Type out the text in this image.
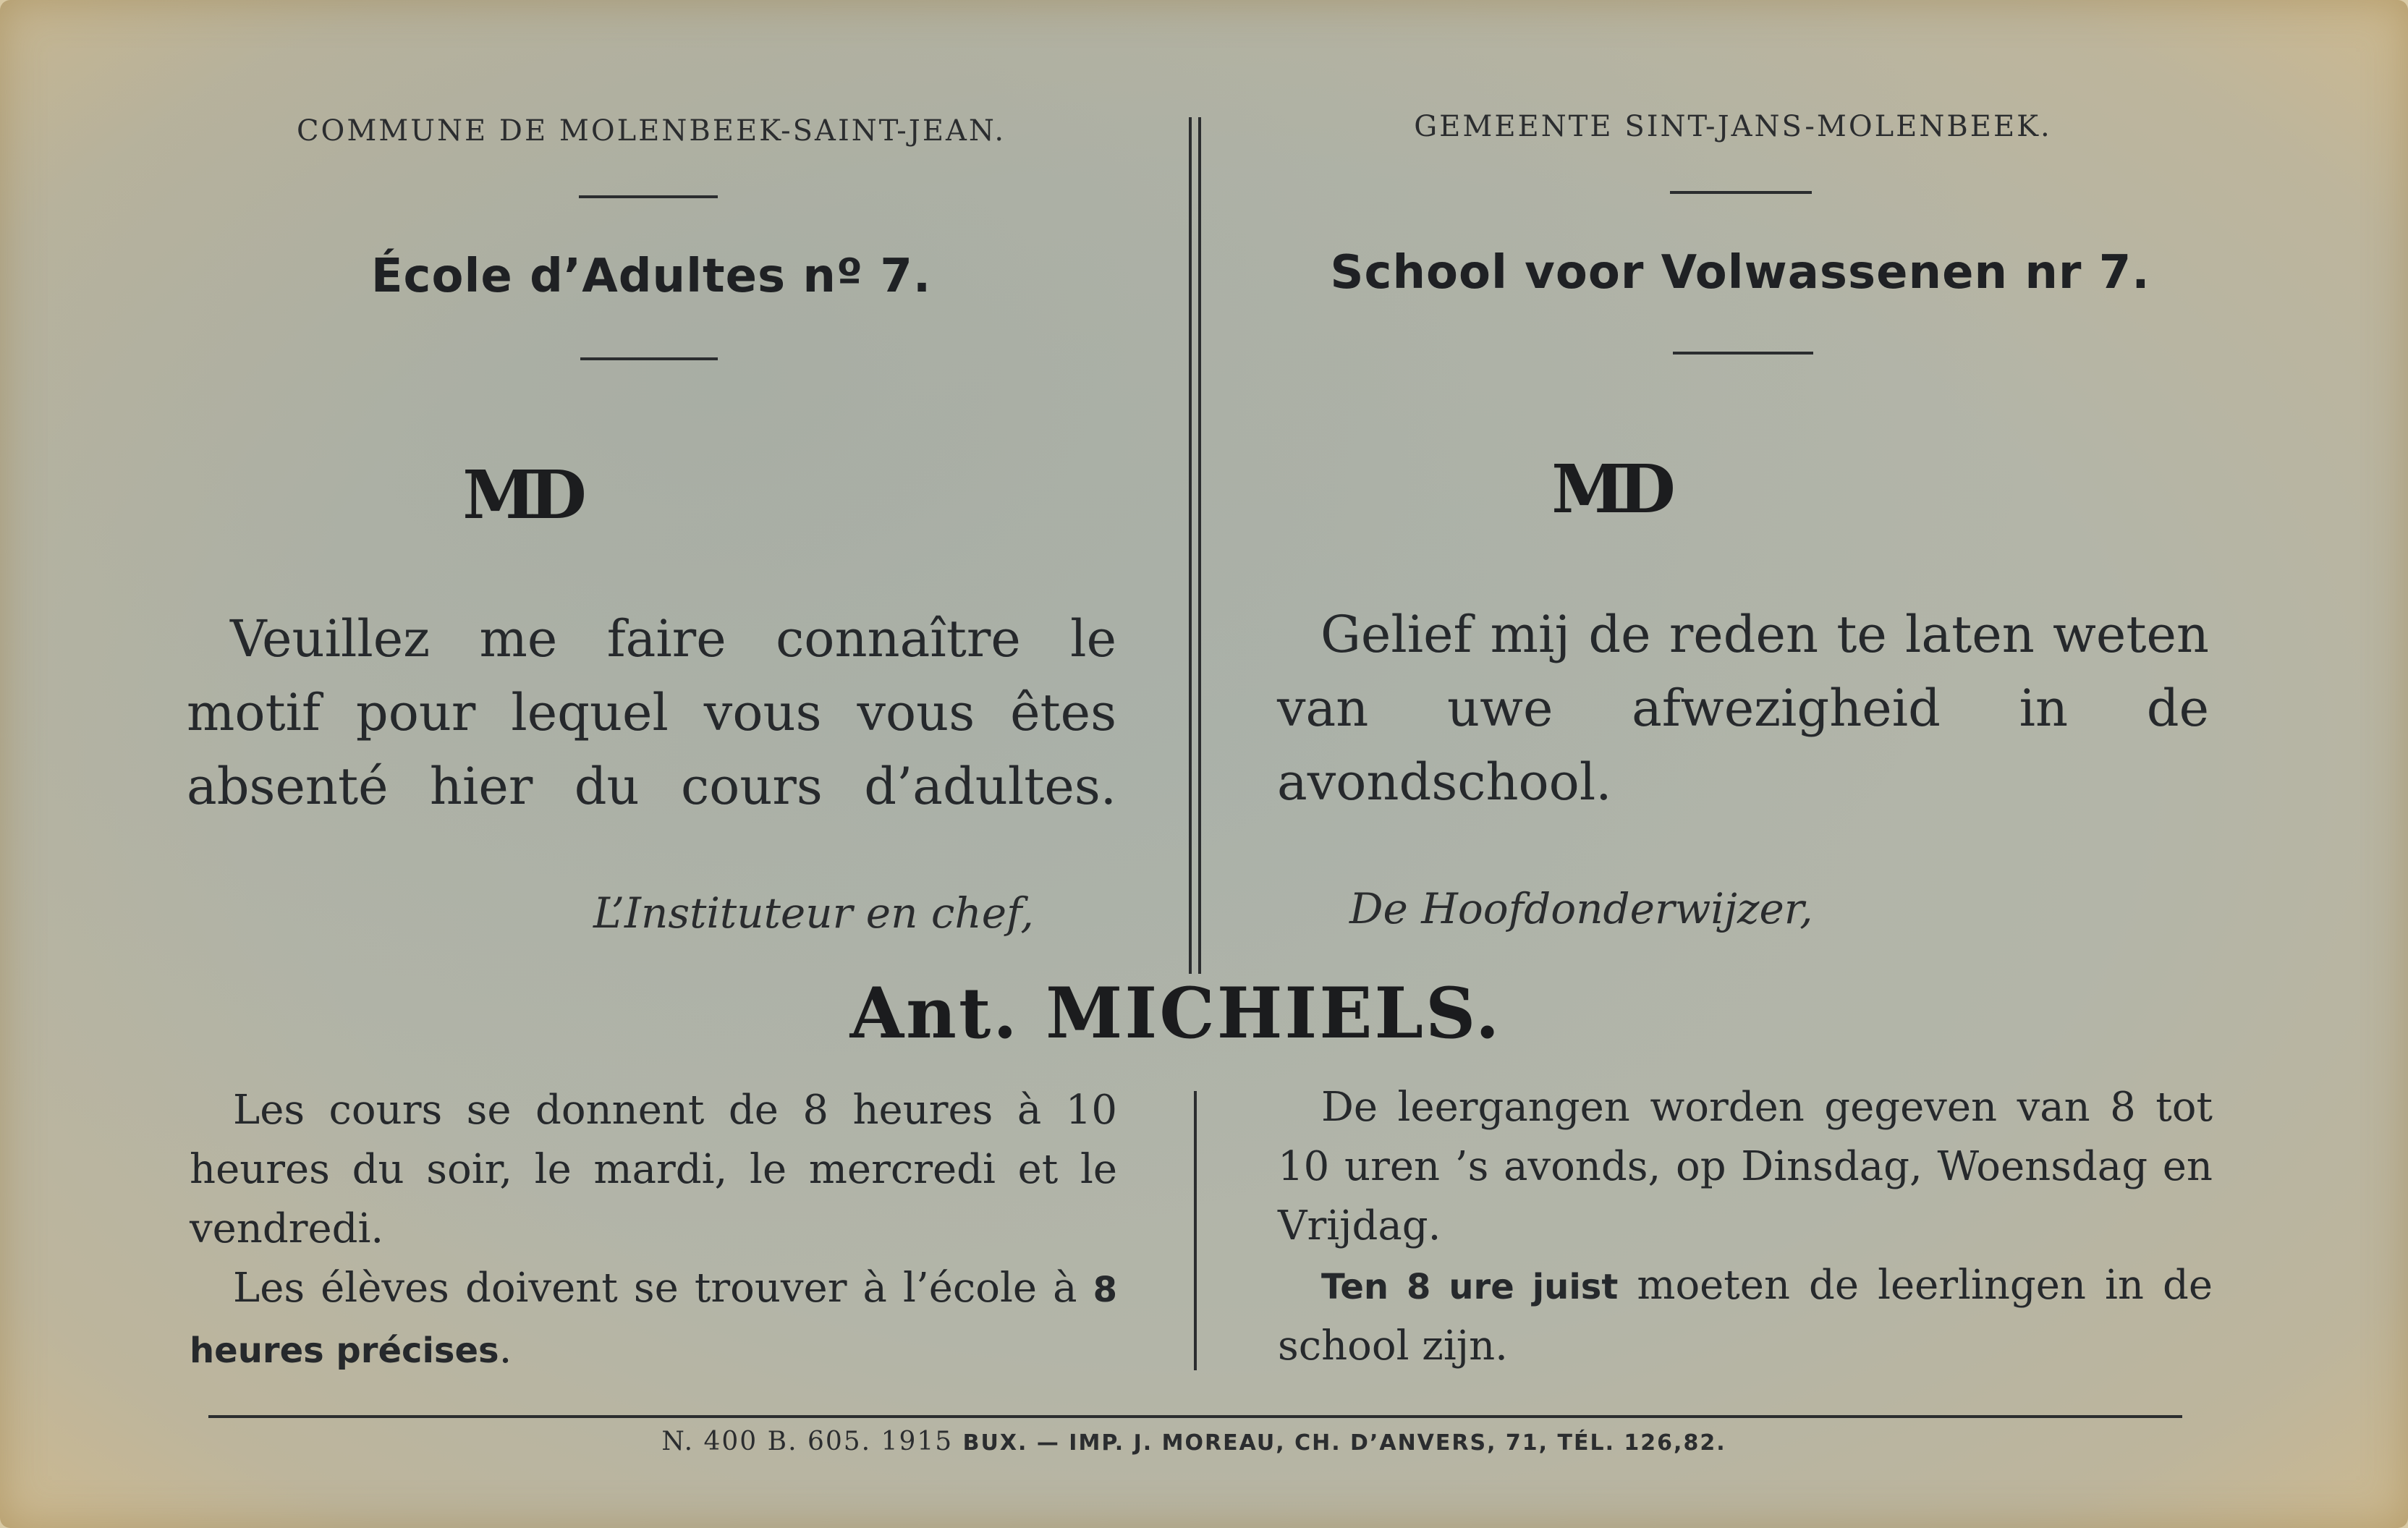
COMMUNE DE MOLENBEEK-SAINT-JEAN.
École d’Adultes nº 7.
MD
Veuillez me faire connaître le motif pour lequel vous vous êtes absenté hier du cours d’adultes.
L’Instituteur en chef,
GEMEENTE SINT-JANS-MOLENBEEK.
School voor Volwassenen nr 7.
MD
Gelief mij de reden te laten weten van uwe afwezigheid in de avondschool.
De Hoofdonderwijzer,
Ant. MICHIELS.
Les cours se donnent de 8 heures à 10 heures du soir, le mardi, le mercredi et le vendredi.
Les élèves doivent se trouver à l’école à 8 heures précises.
De leergangen worden gegeven van 8 tot 10 uren ’s avonds, op Dinsdag, Woensdag en Vrijdag.
Ten 8 ure juist moeten de leerlingen in de school zijn.
N. 400 B. 605. 1915 BUX. — IMP. J. MOREAU, CH. D’ANVERS, 71, TÉL. 126,82.
